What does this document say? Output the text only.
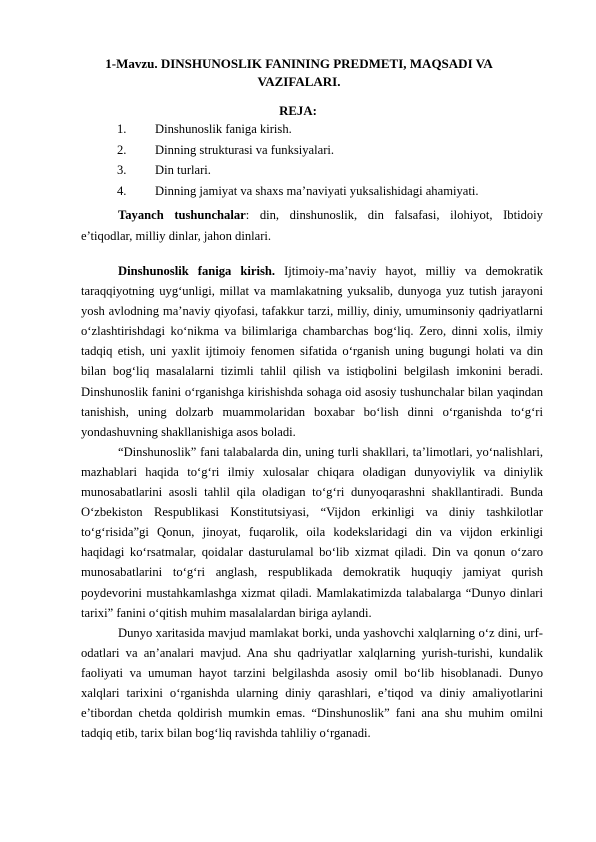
1-Mavzu. DINSHUNOSLIK FANINING PREDMETI, MAQSADI VA
VAZIFALARI.
REJA:
1. Dinshunoslik faniga kirish.
2. Dinning strukturasi va funksiyalari.
3. Din turlari.
4. Dinning jamiyat va shaxs ma’naviyati yuksalishidagi ahamiyati.

Tayanch tushunchalar: din, dinshunoslik, din falsafasi, ilohiyot, Ibtidoiy e’tiqodlar, milliy dinlar, jahon dinlari.

Dinshunoslik faniga kirish. Ijtimoiy-ma’naviy hayot, milliy va demokratik taraqqiyotning uyg‘unligi, millat va mamlakatning yuksalib, dunyoga yuz tutish jarayoni yosh avlodning ma’naviy qiyofasi, tafakkur tarzi, milliy, diniy, umuminsoniy qadriyatlarni o‘zlashtirishdagi ko‘nikma va bilimlariga chambarchas bog‘liq. Zero, dinni xolis, ilmiy tadqiq etish, uni yaxlit ijtimoiy fenomen sifatida o‘rganish uning bugungi holati va din bilan bog‘liq masalalarni tizimli tahlil qilish va istiqbolini belgilash imkonini beradi. Dinshunoslik fanini o‘rganishga kirishishda sohaga oid asosiy tushunchalar bilan yaqindan tanishish, uning dolzarb muammolaridan boxabar bo‘lish dinni o‘rganishda to‘g‘ri yondashuvning shakllanishiga asos boladi.

“Dinshunoslik” fani talabalarda din, uning turli shakllari, ta’limotlari, yo‘nalishlari, mazhablari haqida to‘g‘ri ilmiy xulosalar chiqara oladigan dunyoviylik va diniylik munosabatlarini asosli tahlil qila oladigan to‘g‘ri dunyoqarashni shakllantiradi. Bunda O‘zbekiston Respublikasi Konstitutsiyasi, “Vijdon erkinligi va diniy tashkilotlar to‘g‘risida”gi Qonun, jinoyat, fuqarolik, oila kodekslaridagi din va vijdon erkinligi haqidagi ko‘rsatmalar, qoidalar dasturulamal bo‘lib xizmat qiladi. Din va qonun o‘zaro munosabatlarini to‘g‘ri anglash, respublikada demokratik huquqiy jamiyat qurish poydevorini mustahkamlashga xizmat qiladi. Mamlakatimizda talabalarga “Dunyo dinlari tarixi” fanini o‘qitish muhim masalalardan biriga aylandi.

Dunyo xaritasida mavjud mamlakat borki, unda yashovchi xalqlarning o‘z dini, urf-odatlari va an’analari mavjud. Ana shu qadriyatlar xalqlarning yurish-turishi, kundalik faoliyati va umuman hayot tarzini belgilashda asosiy omil bo‘lib hisoblanadi. Dunyo xalqlari tarixini o‘rganishda ularning diniy qarashlari, e’tiqod va diniy amaliyotlarini e’tibordan chetda qoldirish mumkin emas. “Dinshunoslik” fani ana shu muhim omilni tadqiq etib, tarix bilan bog‘liq ravishda tahliliy o‘rganadi.
